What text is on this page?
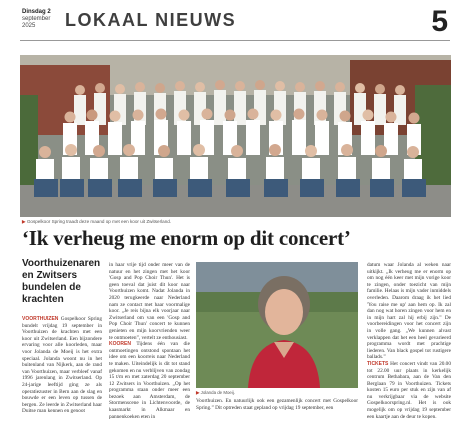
Dinsdag 2
september
2025	LOKAAL NIEUWS	5
▶ Gospelkoor Spring traadt deze maand op met een koor uit Zwitserland.
‘Ik verheug me enorm op dit concert’
Voorthuizenaren en Zwitsers bundelen de krachten

VOORTHUIZEN Gospelkoor Spring bundelt vrijdag 19 september in Voorthuizen de krachten met een koor uit Zwitserland. Een bijzondere ervaring voor alle koorleden, maar voor Jolanda de Moeij is het extra speciaal. Jolanda woont nu in het buitenland van Nijkerk, aan de rand van Voorthuizen, maar verbleef vanaf 1996 jarenlang in Zwitserland. Op 24-jarige leeftijd ging ze als operatiezuster in Bern aan de slag en bouwde er een leven op tussen de bergen. Ze leerde in Zwitserland haar Duitse man kennen en genoot

in haar vrije tijd onder meer van de natuur en het zingen met het koor 'Gosp and Pop Choir Thun'. Het is geen toeval dat juist dit koor naar Voorthuizen komt. Nadat Jolanda in 2020 terugkeerde naar Nederland nam ze contact met haar voormalige koor. „Je reis bijna elk voorjaar naar Zwitserland om van een 'Gosp and Pop Choir Thun' concert te kunnen genieten en mijn koorvrienden weer te ontmoeten”, vertelt ze enthousiast.
KOOREN Tijdens één van die ontmoetingen ontstond spontaan het idee om een koorreis naar Nederland te maken. Uiteindelijk is dit tot stand gekomen en nu verblijven van zondag 15 t/m en met zaterdag 20 september 12 Zwitsers in Voorthuizen. „Op het programma staan onder meer een bezoek aan Amsterdam, de Stormenscene in Lichtenvoorde, de kaasmarkt in Alkmaar en pannenkoeken eten in

▶ Jolanda de Moeij.

Voorthuizen. En natuurlijk ook een gezamenlijk concert met Gospelkoor Spring.” Dit optreden staat gepland op vrijdag 19 september, een

datum waar Jolanda al weken naar uitkijkt. „Ik verheug me er enorm op om nog één keer met mijn vorige koor te zingen, onder toezicht van mijn familie. Helaas is mijn vader inmiddels overleden. Daarom draag ik het lied 'You raise me up' aan hem op. Ik zal dan nog wat horen zingen voor hem en in mijn hart zal hij erbij zijn.” De voorbereidingen voor het concert zijn in volle gang. „We kunnen alvast verklappen dat het een heel gevarieerd programma wordt met prachtige liederen. Van black gospel tot rustigere ballads.”
TICKETS Het concert vindt van 20.00 tot 22.00 uur plaats in kerkelijk centrum Bethabara, aan de Van den Berglaan 79 in Voorthuizen. Tickets kosten 15 euro per stuk en zijn van af nu verkrijgbaar via de website Gospelkoorspring.nl. Het is ook mogelijk om op vrijdag 19 september een kaartje aan de deur te kopen.
